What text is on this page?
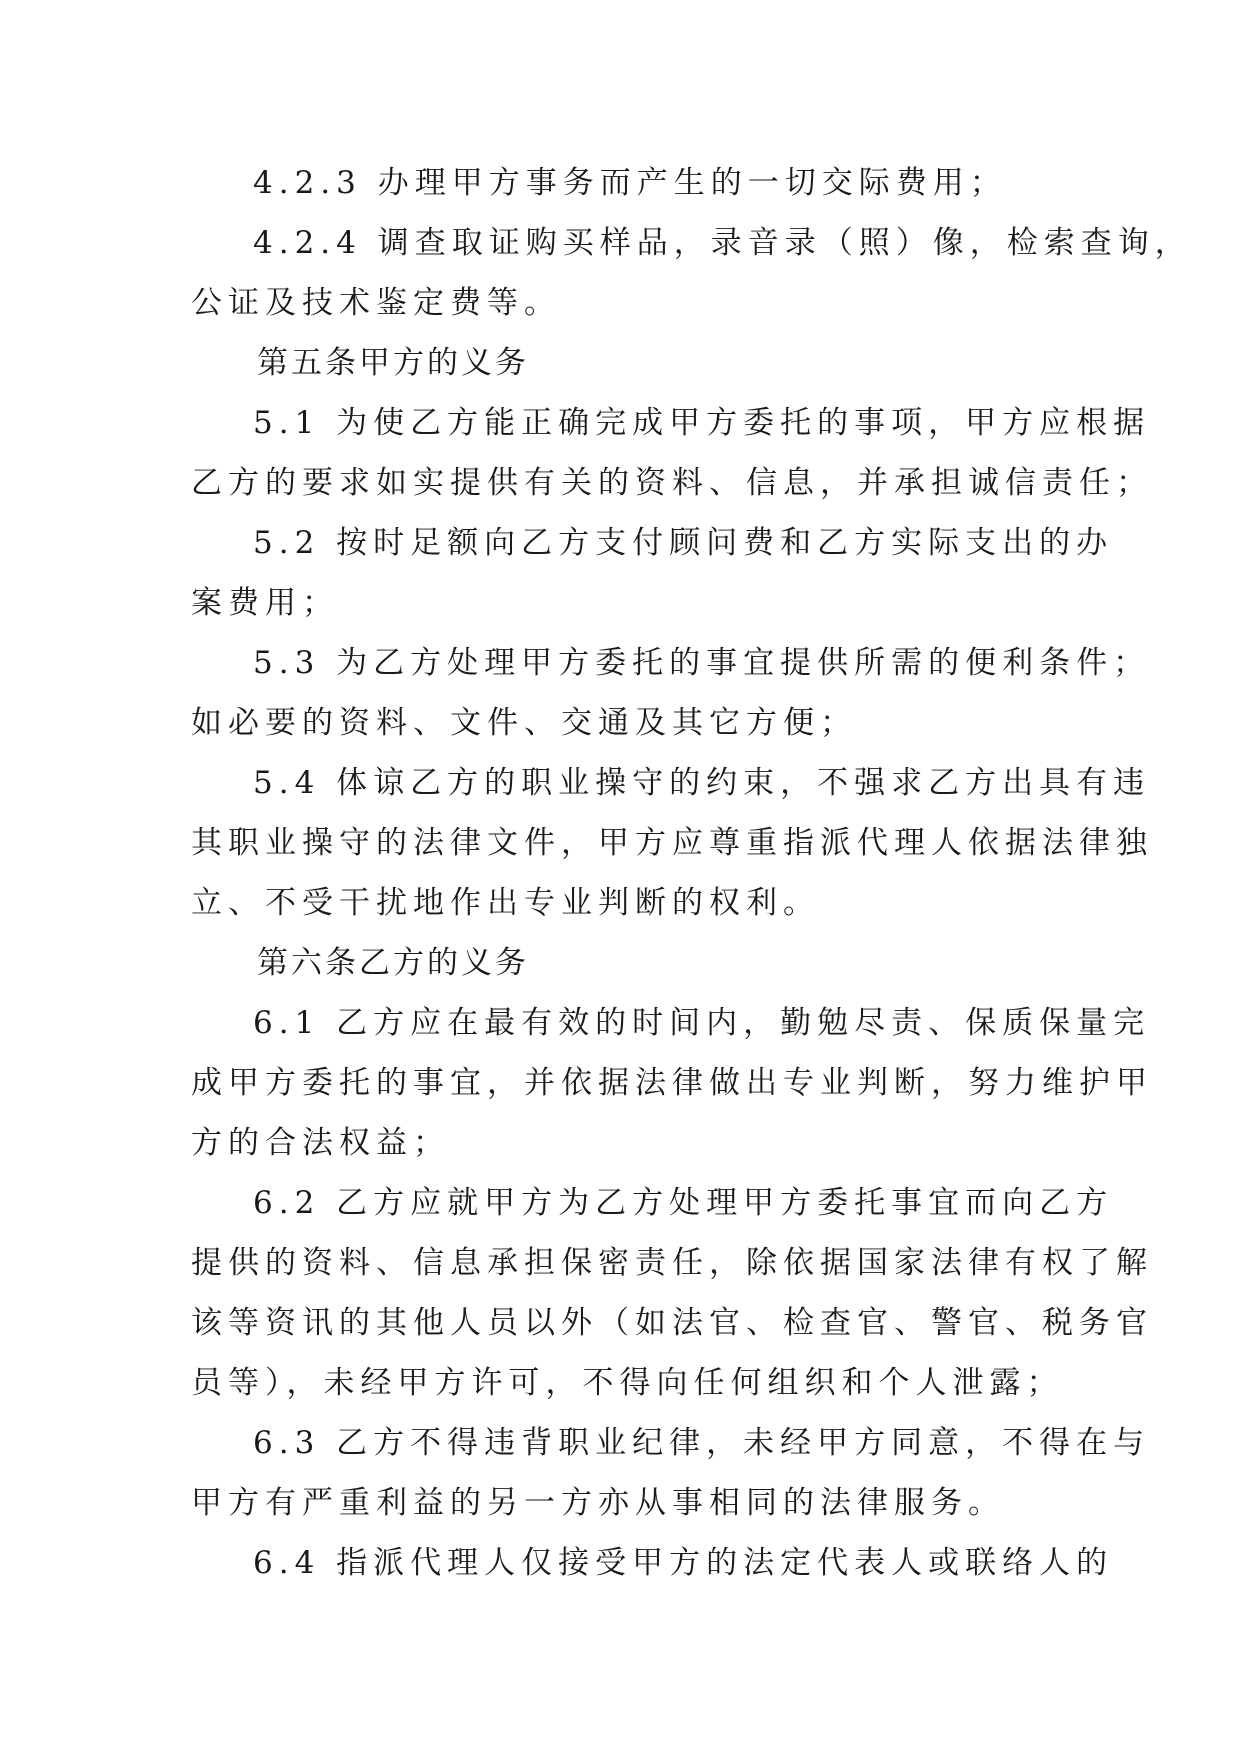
4.2.3 办理甲方事务而产生的一切交际费用；
4.2.4 调查取证购买样品，录音录（照）像，检索查询，
公证及技术鉴定费等。
第五条甲方的义务
5.1 为使乙方能正确完成甲方委托的事项，甲方应根据
乙方的要求如实提供有关的资料、信息，并承担诚信责任；
5.2 按时足额向乙方支付顾问费和乙方实际支出的办
案费用；
5.3 为乙方处理甲方委托的事宜提供所需的便利条件；
如必要的资料、文件、交通及其它方便；
5.4 体谅乙方的职业操守的约束，不强求乙方出具有违
其职业操守的法律文件，甲方应尊重指派代理人依据法律独
立、不受干扰地作出专业判断的权利。
第六条乙方的义务
6.1 乙方应在最有效的时间内，勤勉尽责、保质保量完
成甲方委托的事宜，并依据法律做出专业判断，努力维护甲
方的合法权益；
6.2 乙方应就甲方为乙方处理甲方委托事宜而向乙方
提供的资料、信息承担保密责任，除依据国家法律有权了解
该等资讯的其他人员以外（如法官、检查官、警官、税务官
员等），未经甲方许可，不得向任何组织和个人泄露；
6.3 乙方不得违背职业纪律，未经甲方同意，不得在与
甲方有严重利益的另一方亦从事相同的法律服务。
6.4 指派代理人仅接受甲方的法定代表人或联络人的
